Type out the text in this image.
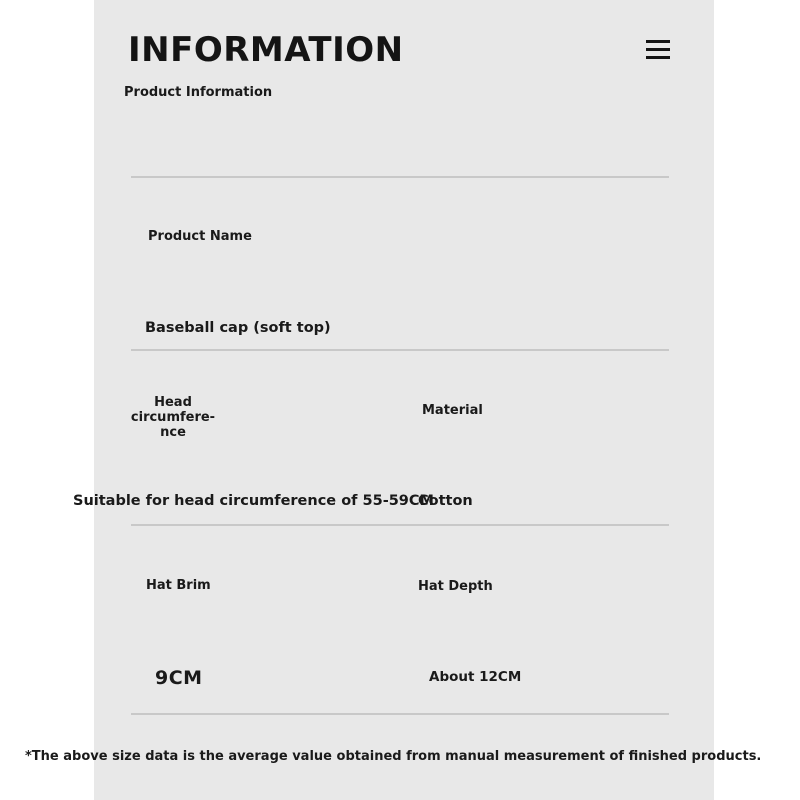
INFORMATION
Product Information
Product Name
Baseball cap (soft top)
Head circumfere-
nce
Material
Suitable for head circumference of 55-59CM
Cotton
Hat Brim	Hat Depth
9CM	About 12CM
*The above size data is the average value obtained from manual measurement of finished products.
